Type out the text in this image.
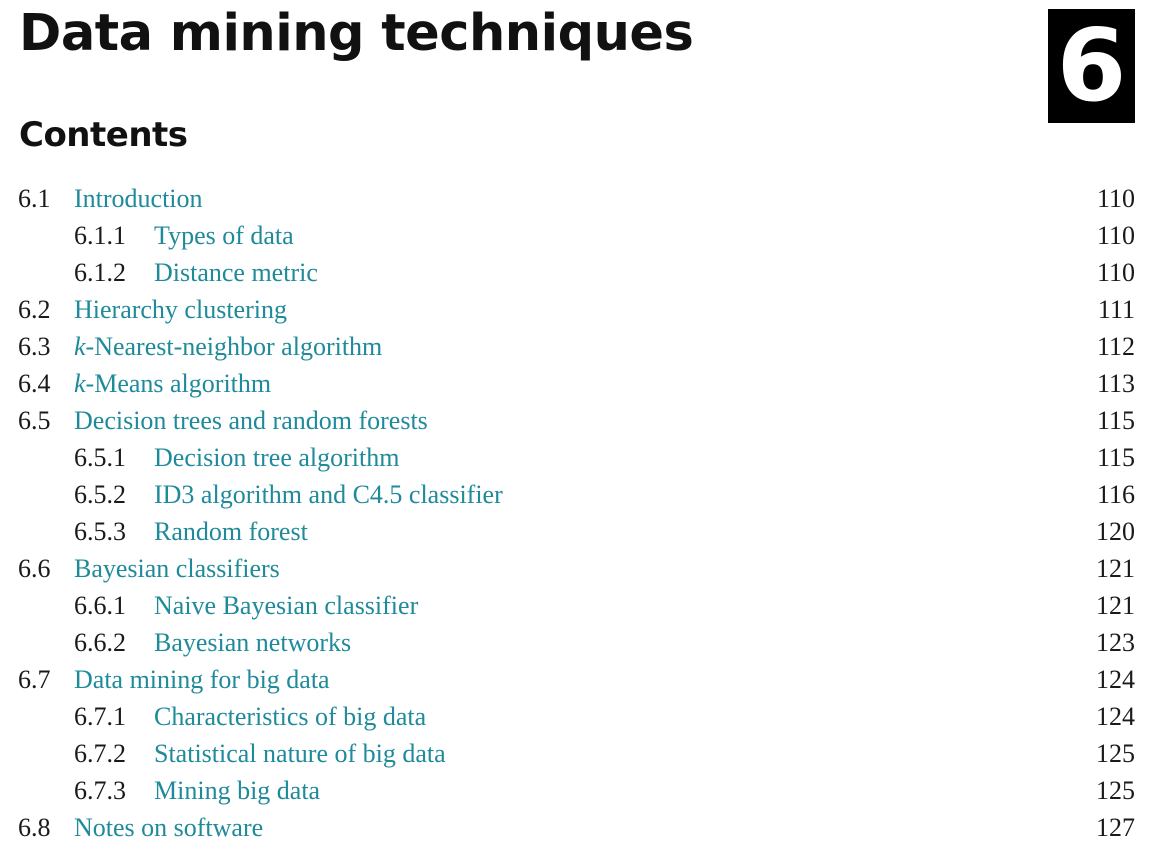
Data mining techniques	6
Contents
6.1 Introduction	110
6.1.1 Types of data	110
6.1.2 Distance metric	110
6.2 Hierarchy clustering	111
6.3 k-Nearest-neighbor algorithm	112
6.4 k-Means algorithm	113
6.5 Decision trees and random forests	115
6.5.1 Decision tree algorithm	115
6.5.2 ID3 algorithm and C4.5 classifier	116
6.5.3 Random forest	120
6.6 Bayesian classifiers	121
6.6.1 Naive Bayesian classifier	121
6.6.2 Bayesian networks	123
6.7 Data mining for big data	124
6.7.1 Characteristics of big data	124
6.7.2 Statistical nature of big data	125
6.7.3 Mining big data	125
6.8 Notes on software	127
